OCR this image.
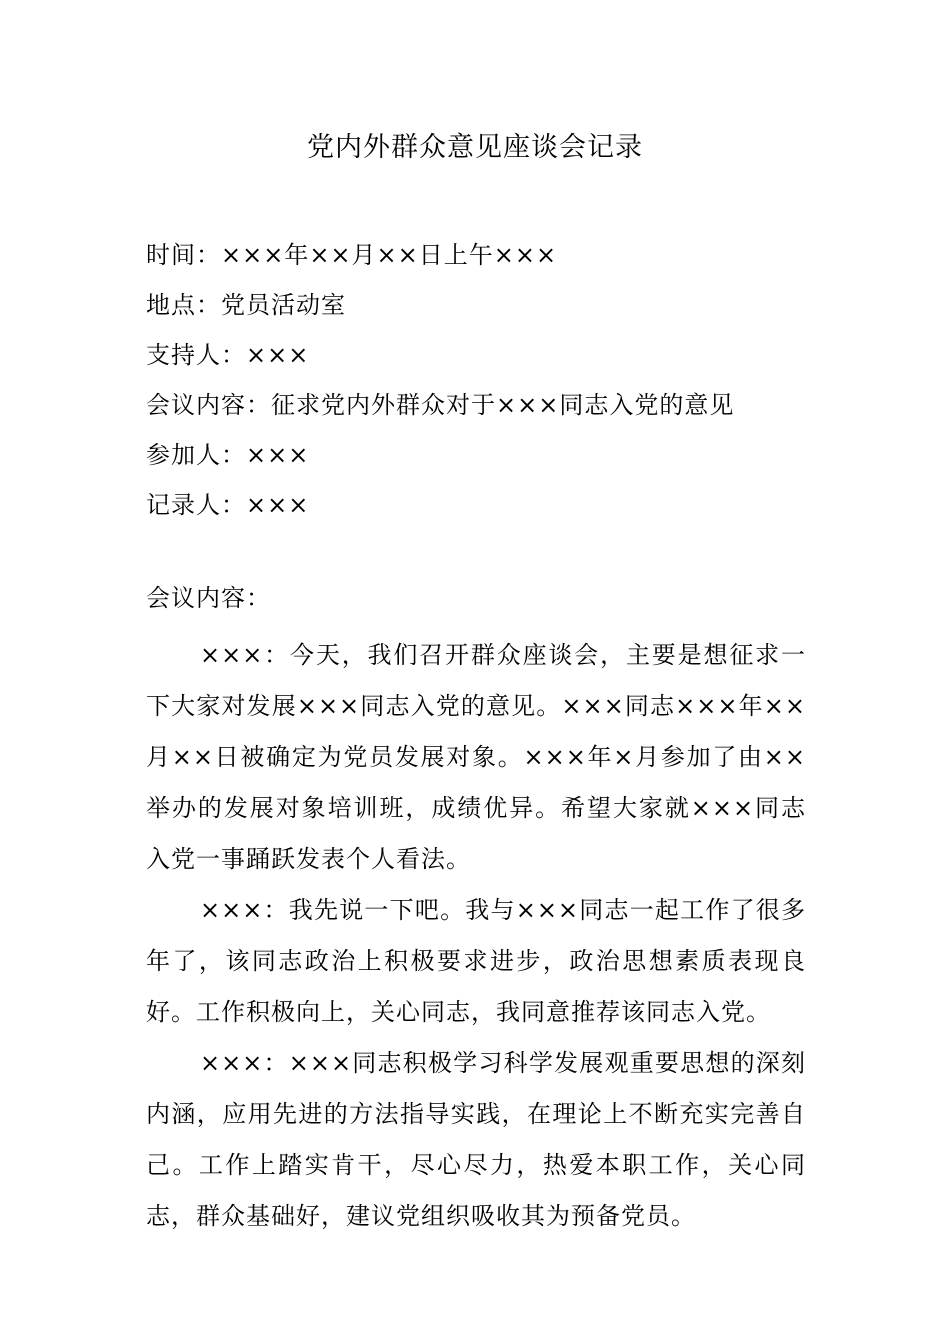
党内外群众意见座谈会记录
时间：×××年××月××日上午×××
地点：党员活动室
支持人：×××
会议内容：征求党内外群众对于×××同志入党的意见
参加人：×××
记录人：×××
会议内容：

×××：今天，我们召开群众座谈会，主要是想征求一下大家对发展×××同志入党的意见。×××同志×××年××月××日被确定为党员发展对象。×××年×月参加了由××举办的发展对象培训班，成绩优异。希望大家就×××同志入党一事踊跃发表个人看法。

×××：我先说一下吧。我与×××同志一起工作了很多年了，该同志政治上积极要求进步，政治思想素质表现良好。工作积极向上，关心同志，我同意推荐该同志入党。

×××：×××同志积极学习科学发展观重要思想的深刻内涵，应用先进的方法指导实践，在理论上不断充实完善自己。工作上踏实肯干，尽心尽力，热爱本职工作，关心同志，群众基础好，建议党组织吸收其为预备党员。
